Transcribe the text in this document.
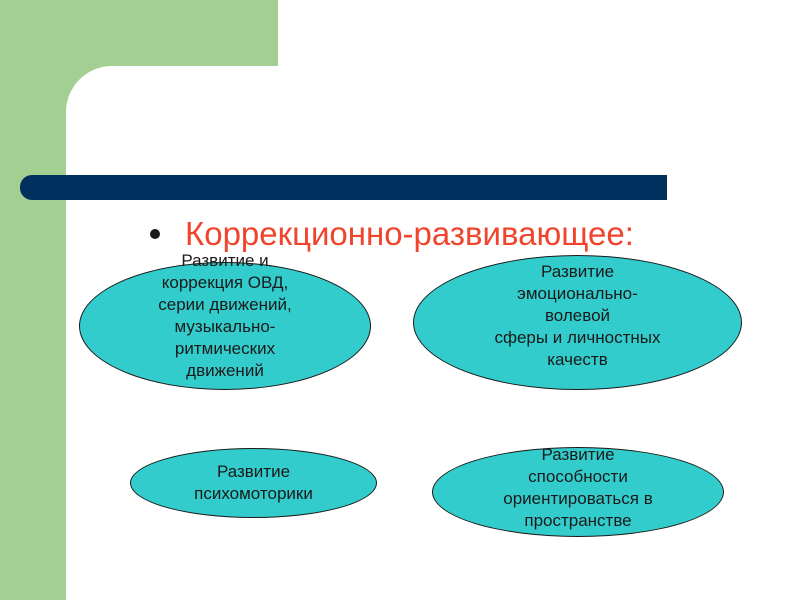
Коррекционно-развивающее:
Развитие и
коррекция ОВД,
серии движений,
музыкально-
ритмических
движений
Развитие
эмоционально-
волевой
сферы и личностных
качеств
Развитие
психомоторики
Развитие
способности
ориентироваться в
пространстве
